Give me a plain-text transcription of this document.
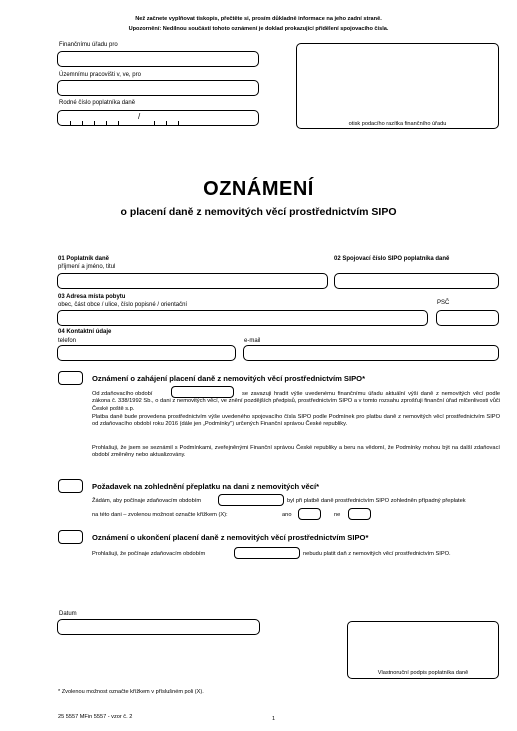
Než začnete vyplňovat tiskopis, přečtěte si, prosím důkladně informace na jeho zadní straně.
Upozornění: Nedílnou součástí tohoto oznámení je doklad prokazující přidělení spojovacího čísla.
Finančnímu úřadu pro
Územnímu pracovišti v, ve, pro
Rodné číslo poplatníka daně
/
otisk podacího razítka finančního úřadu
OZNÁMENÍ
o placení daně z nemovitých věcí prostřednictvím SIPO
01 Poplatník daně
příjmení a jméno, titul
02 Spojovací číslo SIPO poplatníka daně
03 Adresa místa pobytu
obec, část obce / ulice, číslo popisné / orientační	PSČ
04 Kontaktní údaje
telefon	e-mail
Oznámení o zahájení placení daně z nemovitých věcí prostřednictvím SIPO*
Od zdaňovacího období	se zavazuji hradit výše uvedenému finančnímu úřadu aktuální výši daně z nemovitých věcí podle zákona č. 338/1992 Sb., o dani z nemovitých věcí, ve znění pozdějších předpisů, prostřednictvím SIPO a v tomto rozsahu zprošťuji finanční úřad mlčenlivosti vůči České poště s.p.
Platba daně bude provedena prostřednictvím výše uvedeného spojovacího čísla SIPO podle Podmínek pro platbu daně z nemovitých věcí prostřednictvím SIPO od zdaňovacího období roku 2016 (dále jen „Podmínky") určených Finanční správou České republiky.
Prohlašuji, že jsem se seznámil s Podmínkami, zveřejněnými Finanční správou České republiky a beru na vědomí, že Podmínky mohou být na další zdaňovací období změněny nebo aktualizovány.
Požadavek na zohlednění přeplatku na dani z nemovitých věcí*
Žádám, aby počínaje zdaňovacím obdobím	byl při platbě daně prostřednictvím SIPO zohledněn případný přeplatek
na této dani – zvolenou možnost označte křížkem (X):	ano	ne
Oznámení o ukončení placení daně z nemovitých věcí prostřednictvím SIPO*
Prohlašuji, že počínaje zdaňovacím obdobím	nebudu platit daň z nemovitých věcí prostřednictvím SIPO.
Datum
Vlastnoruční podpis poplatníka daně
* Zvolenou možnost označte křížkem v příslušném poli (X).
25 5557 MFin 5557 - vzor č. 2	1
